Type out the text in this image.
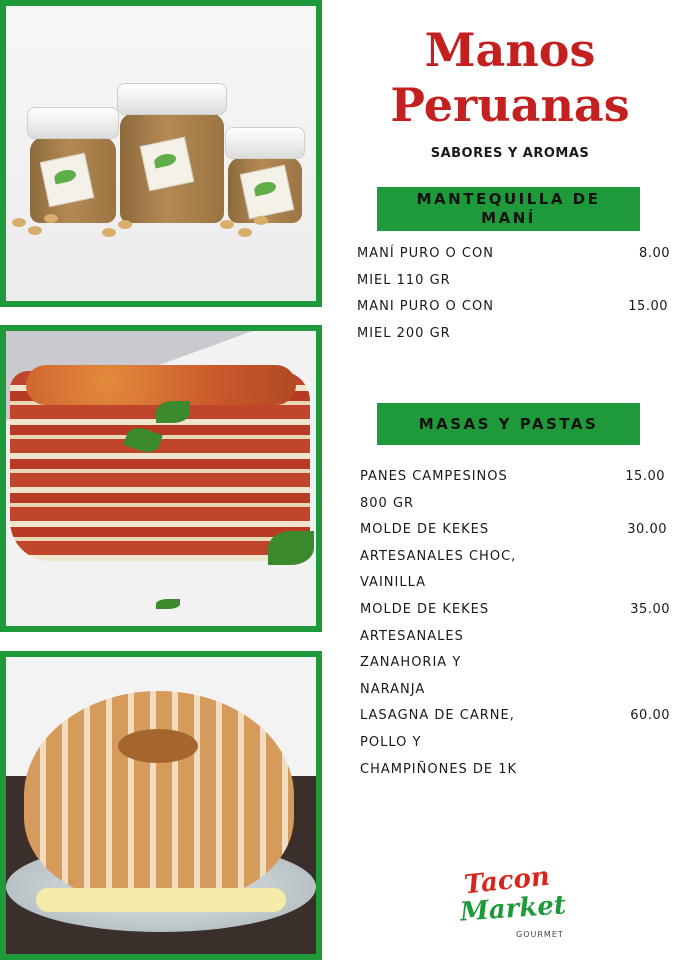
Manos
Peruanas
SABORES Y AROMAS
MANTEQUILLA DE
MANÍ
MANÍ PURO O CON
MIEL 110 GR
8.00
MANI PURO O CON
MIEL 200 GR
15.00
MASAS Y PASTAS
PANES CAMPESINOS
800 GR
15.00
MOLDE DE KEKES
ARTESANALES CHOC,
VAINILLA
30.00
MOLDE DE KEKES
ARTESANALES
ZANAHORIA Y
NARANJA
35.00
LASAGNA DE CARNE,
POLLO Y
CHAMPIÑONES DE 1K
60.00
Tacon
Market
GOURMET
